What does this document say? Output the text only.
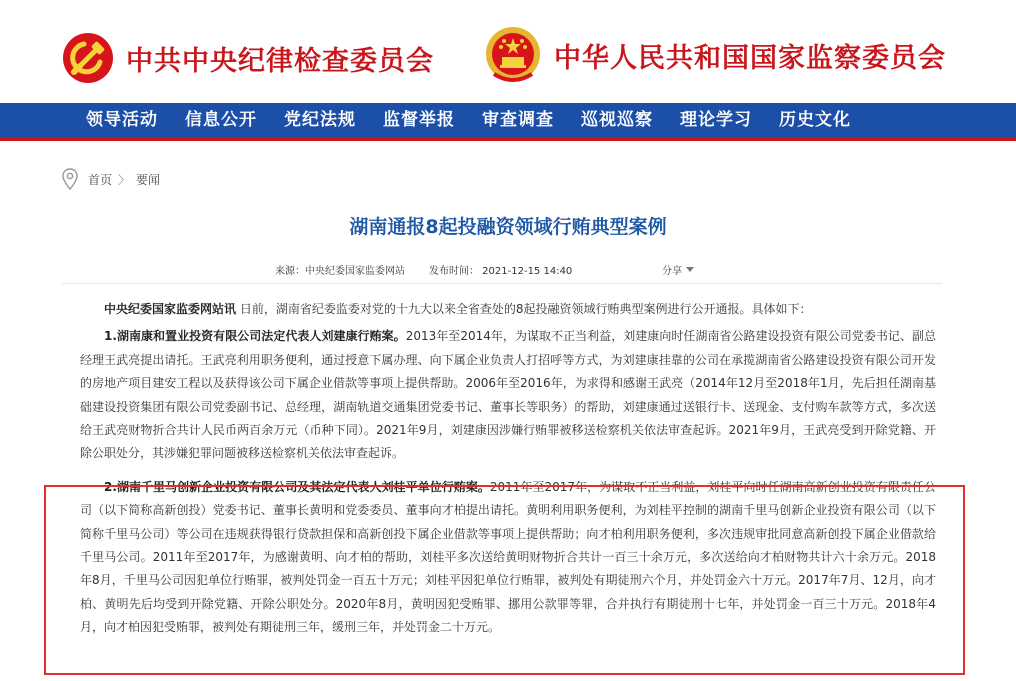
中共中央纪律检查委员会	中华人民共和国国家监察委员会
领导活动 信息公开 党纪法规 监督举报 审查调查 巡视巡察 理论学习 历史文化
首页 〉 要闻
湖南通报8起投融资领域行贿典型案例
来源：中央纪委国家监委网站 发布时间： 2021-12-15 14:40	分享

中央纪委国家监委网站讯 日前，湖南省纪委监委对党的十九大以来全省查处的8起投融资领域行贿典型案例进行公开通报。具体如下：

1.湖南康和置业投资有限公司法定代表人刘建康行贿案。2013年至2014年，为谋取不正当利益，刘建康向时任湖南省公路建设投资有限公司党委书记、副总经理王武亮提出请托。王武亮利用职务便利，通过授意下属办理、向下属企业负责人打招呼等方式，为刘建康挂靠的公司在承揽湖南省公路建设投资有限公司开发的房地产项目建安工程以及获得该公司下属企业借款等事项上提供帮助。2006年至2016年，为求得和感谢王武亮（2014年12月至2018年1月，先后担任湖南基础建设投资集团有限公司党委副书记、总经理，湖南轨道交通集团党委书记、董事长等职务）的帮助，刘建康通过送银行卡、送现金、支付购车款等方式，多次送给王武亮财物折合共计人民币两百余万元（币种下同）。2021年9月，刘建康因涉嫌行贿罪被移送检察机关依法审查起诉。2021年9月，王武亮受到开除党籍、开除公职处分，其涉嫌犯罪问题被移送检察机关依法审查起诉。

2.湖南千里马创新企业投资有限公司及其法定代表人刘桂平单位行贿案。2011年至2017年，为谋取不正当利益，刘桂平向时任湖南高新创业投资有限责任公司（以下简称高新创投）党委书记、董事长黄明和党委委员、董事向才柏提出请托。黄明利用职务便利，为刘桂平控制的湖南千里马创新企业投资有限公司（以下简称千里马公司）等公司在违规获得银行贷款担保和高新创投下属企业借款等事项上提供帮助；向才柏利用职务便利，多次违规审批同意高新创投下属企业借款给千里马公司。2011年至2017年，为感谢黄明、向才柏的帮助，刘桂平多次送给黄明财物折合共计一百三十余万元，多次送给向才柏财物共计六十余万元。2018年8月，千里马公司因犯单位行贿罪，被判处罚金一百五十万元；刘桂平因犯单位行贿罪，被判处有期徒刑六个月，并处罚金六十万元。2017年7月、12月，向才柏、黄明先后均受到开除党籍、开除公职处分。2020年8月，黄明因犯受贿罪、挪用公款罪等罪，合并执行有期徒刑十七年，并处罚金一百三十万元。2018年4月，向才柏因犯受贿罪，被判处有期徒刑三年，缓刑三年，并处罚金二十万元。
